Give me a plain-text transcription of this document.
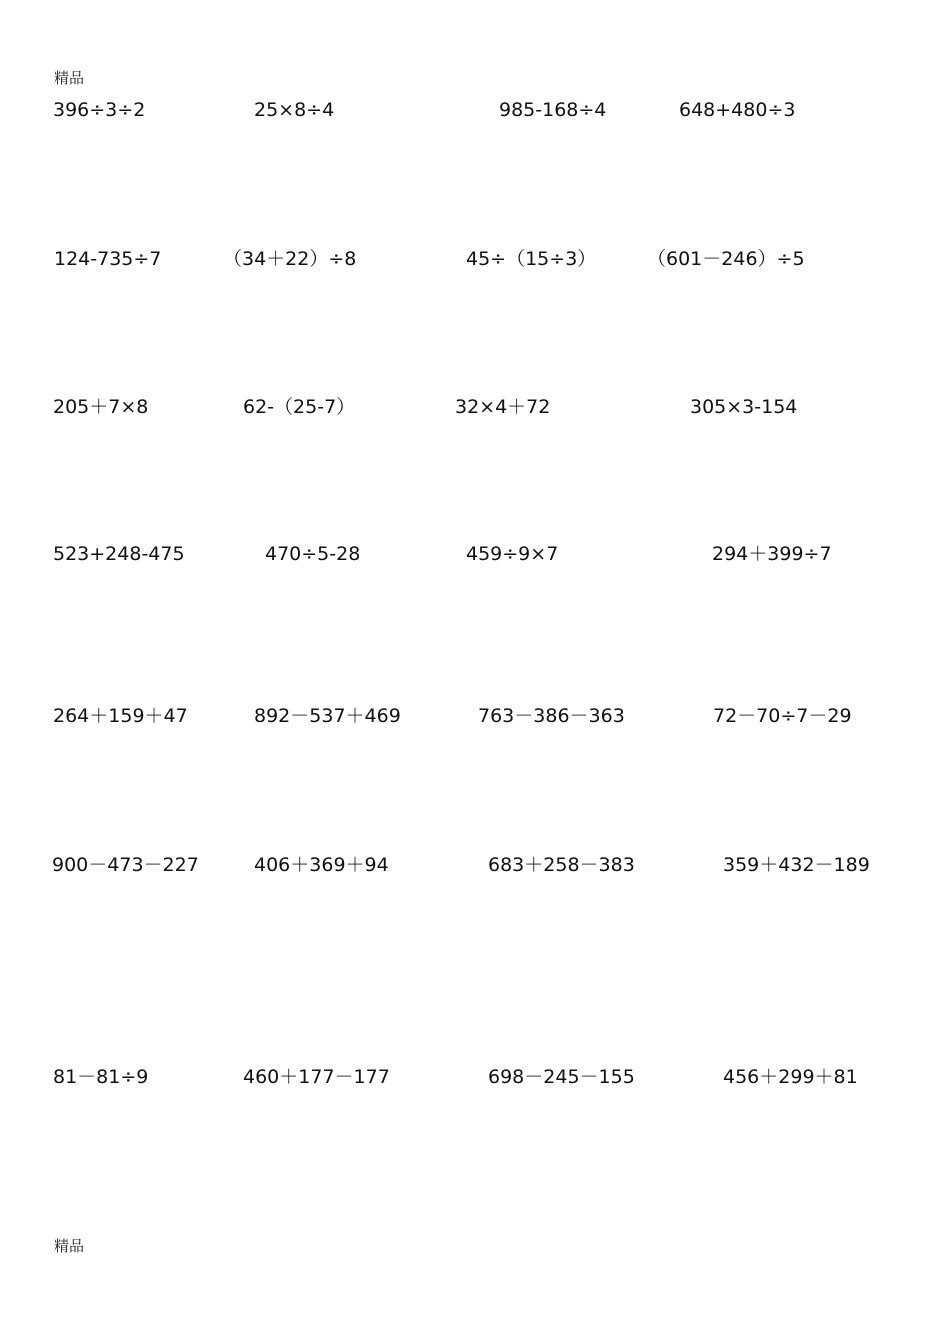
精品
396÷3÷2	25×8÷4	985-168÷4	648+480÷3
124-735÷7	（34＋22）÷8	45÷（15÷3）	（601－246）÷5
205＋7×8	62-（25-7）	32×4＋72	305×3-154
523+248-475	470÷5-28	459÷9×7	294＋399÷7
264＋159＋47	892－537＋469	763－386－363	72－70÷7－29
900－473－227	406＋369＋94	683＋258－383	359＋432－189
81－81÷9	460＋177－177	698－245－155	456＋299＋81
精品
